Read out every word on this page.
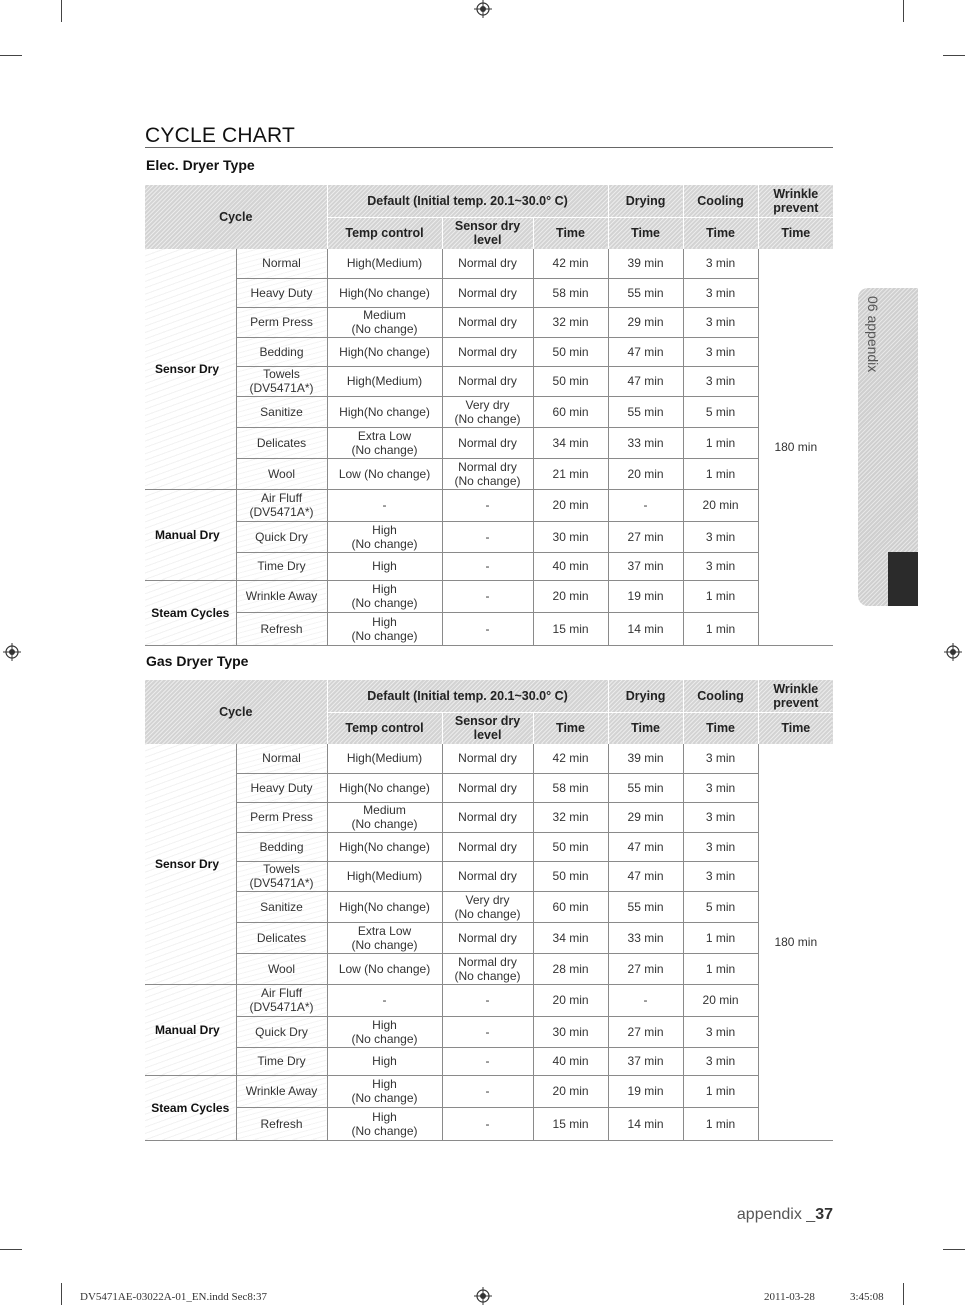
CYCLE CHART
Elec. Dryer Type
Cycle		Default (Initial temp. 20.1~30.0° C)			Drying	Cooling	Wrinkle prevent
		Temp control	Sensor dry level	Time	Time	Time	Time
Sensor Dry	Normal	High(Medium)	Normal dry	42 min	39 min	3 min	180 min

	Heavy Duty	High(No change)	Normal dry	58 min	55 min	3 min	

	Perm Press	Medium
(No change)	Normal dry	32 min	29 min	3 min	

	Bedding	High(No change)	Normal dry	50 min	47 min	3 min	

	Towels
(DV5471A*)	High(Medium)	Normal dry	50 min	47 min	3 min	

	Sanitize	High(No change)	Very dry
(No change)	60 min	55 min	5 min	

	Delicates	Extra Low
(No change)	Normal dry	34 min	33 min	1 min	

	Wool	Low (No change)	Normal dry
(No change)	21 min	20 min	1 min	

Manual Dry	Air Fluff
(DV5471A*)	-	-	20 min	-	20 min	

	Quick Dry	High
(No change)	-	30 min	27 min	3 min	

	Time Dry	High	-	40 min	37 min	3 min	

Steam Cycles	Wrinkle Away	High
(No change)	-	20 min	19 min	1 min	

	Refresh	High
(No change)	-	15 min	14 min	1 min	
Gas Dryer Type
Cycle		Default (Initial temp. 20.1~30.0° C)			Drying	Cooling	Wrinkle prevent
		Temp control	Sensor dry level	Time	Time	Time	Time
Sensor Dry	Normal	High(Medium)	Normal dry	42 min	39 min	3 min	180 min

	Heavy Duty	High(No change)	Normal dry	58 min	55 min	3 min	

	Perm Press	Medium
(No change)	Normal dry	32 min	29 min	3 min	

	Bedding	High(No change)	Normal dry	50 min	47 min	3 min	

	Towels
(DV5471A*)	High(Medium)	Normal dry	50 min	47 min	3 min	

	Sanitize	High(No change)	Very dry
(No change)	60 min	55 min	5 min	

	Delicates	Extra Low
(No change)	Normal dry	34 min	33 min	1 min	

	Wool	Low (No change)	Normal dry
(No change)	28 min	27 min	1 min	

Manual Dry	Air Fluff
(DV5471A*)	-	-	20 min	-	20 min	

	Quick Dry	High
(No change)	-	30 min	27 min	3 min	

	Time Dry	High	-	40 min	37 min	3 min	

Steam Cycles	Wrinkle Away	High
(No change)	-	20 min	19 min	1 min	

	Refresh	High
(No change)	-	15 min	14 min	1 min	
06 appendix
appendix _37
DV5471AE-03022A-01_EN.indd Sec8:37	2011-03-28	3:45:08
